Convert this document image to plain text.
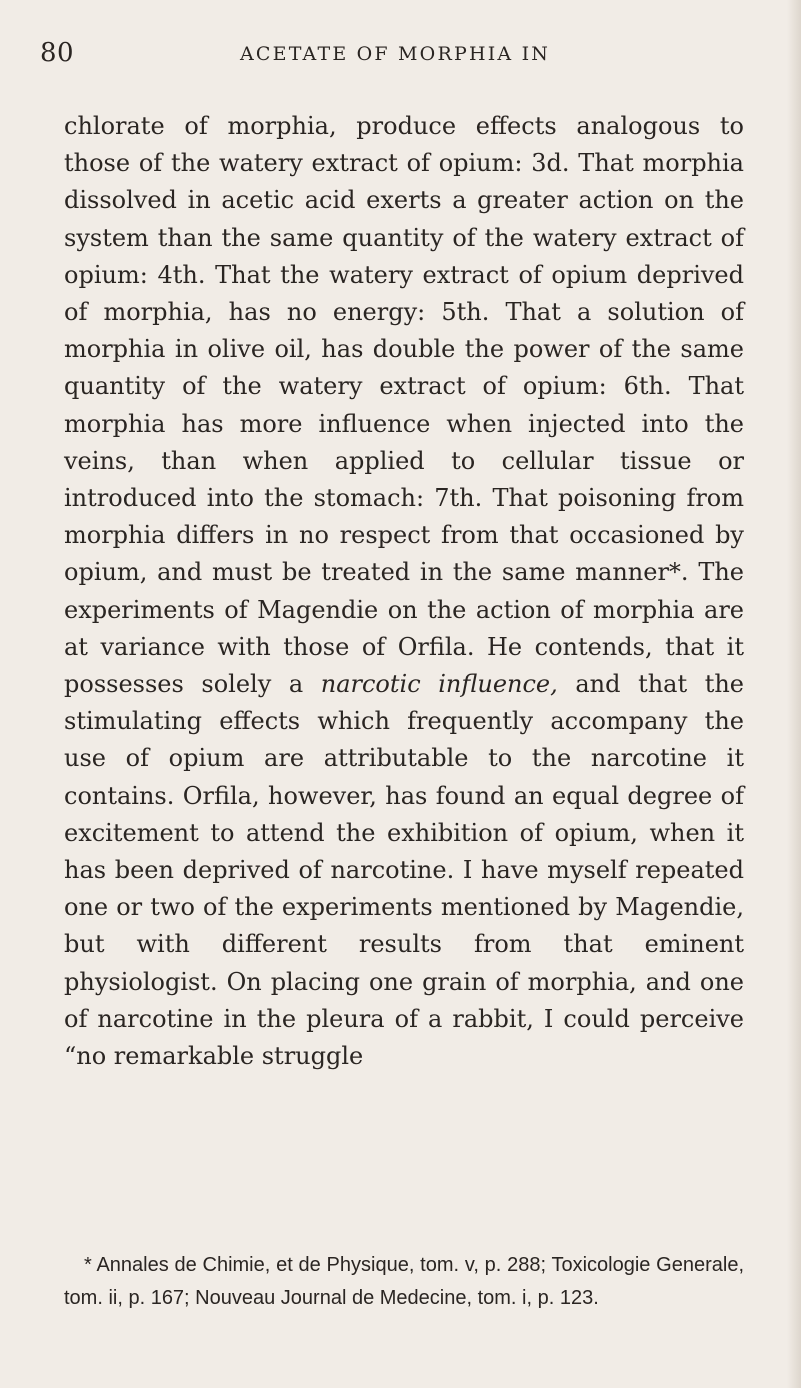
80	ACETATE OF MORPHIA IN

chlorate of morphia, produce effects analogous to those of the watery extract of opium: 3d. That morphia dissolved in acetic acid exerts a greater action on the system than the same quantity of the watery extract of opium: 4th. That the watery extract of opium deprived of morphia, has no energy: 5th. That a solution of morphia in olive oil, has double the power of the same quantity of the watery extract of opium: 6th. That morphia has more influence when injected into the veins, than when applied to cellular tissue or introduced into the stomach: 7th. That poisoning from morphia differs in no respect from that occasioned by opium, and must be treated in the same manner*. The experiments of Magendie on the action of morphia are at variance with those of Orfila. He contends, that it possesses solely a narcotic influence, and that the stimulating effects which frequently accompany the use of opium are attributable to the narcotine it contains. Orfila, however, has found an equal degree of excitement to attend the exhibition of opium, when it has been deprived of narcotine. I have myself repeated one or two of the experiments mentioned by Magendie, but with different results from that eminent physiologist. On placing one grain of morphia, and one of narcotine in the pleura of a rabbit, I could perceive “no remarkable struggle

* Annales de Chimie, et de Physique, tom. v, p. 288; Toxicologie Generale, tom. ii, p. 167; Nouveau Journal de Medecine, tom. i, p. 123.
